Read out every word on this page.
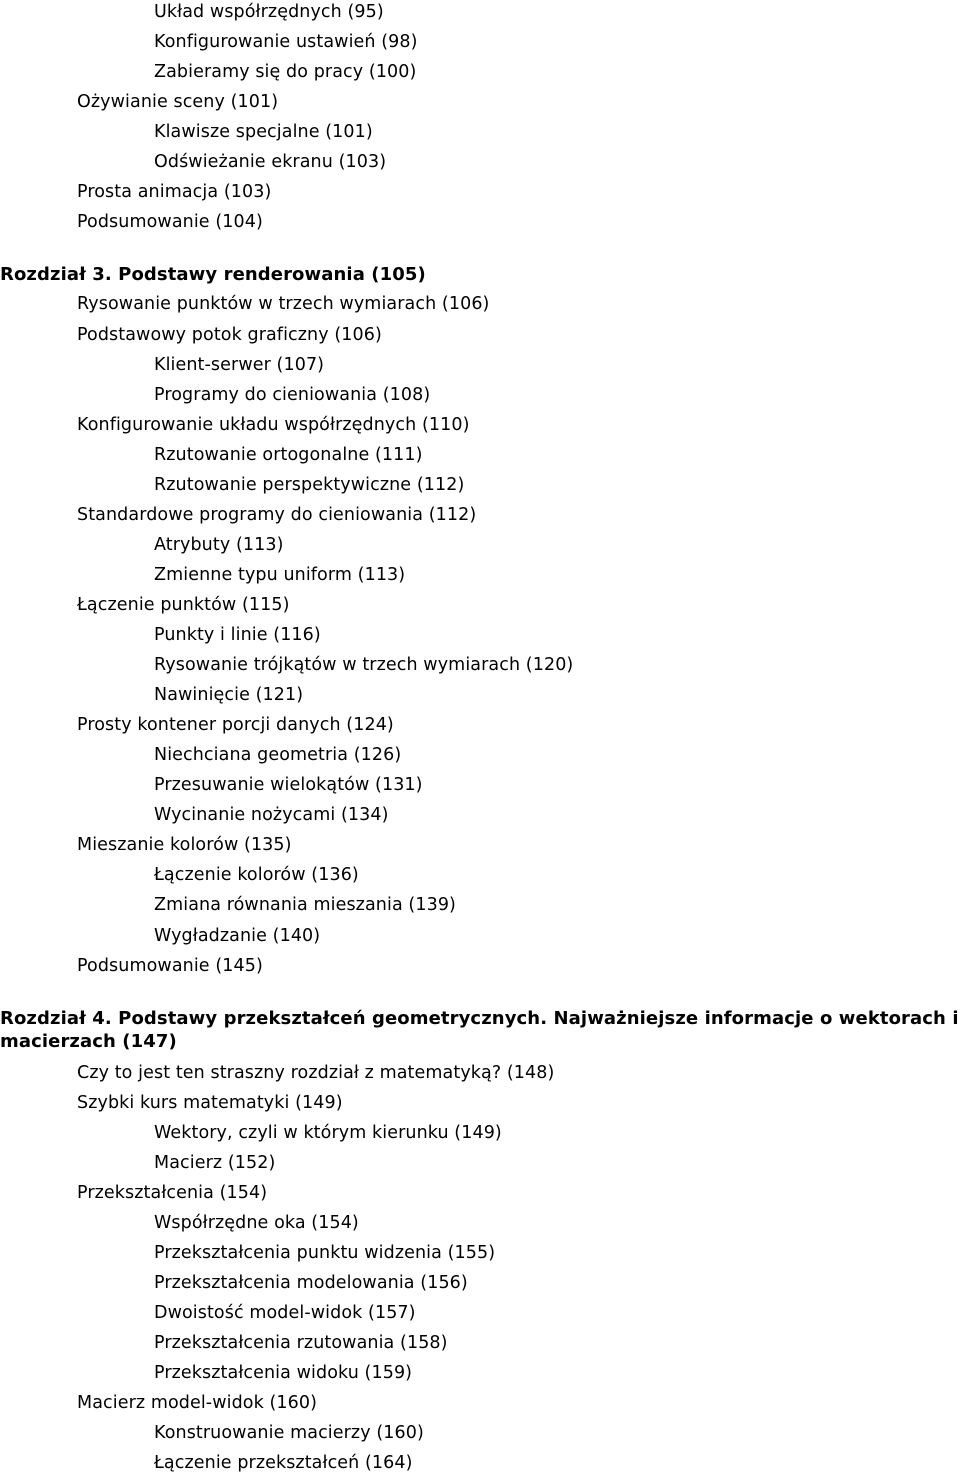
Układ współrzędnych (95)
Konfigurowanie ustawień (98)
Zabieramy się do pracy (100)
Ożywianie sceny (101)
Klawisze specjalne (101)
Odświeżanie ekranu (103)
Prosta animacja (103)
Podsumowanie (104)
Rozdział 3. Podstawy renderowania (105)
Rysowanie punktów w trzech wymiarach (106)
Podstawowy potok graficzny (106)
Klient-serwer (107)
Programy do cieniowania (108)
Konfigurowanie układu współrzędnych (110)
Rzutowanie ortogonalne (111)
Rzutowanie perspektywiczne (112)
Standardowe programy do cieniowania (112)
Atrybuty (113)
Zmienne typu uniform (113)
Łączenie punktów (115)
Punkty i linie (116)
Rysowanie trójkątów w trzech wymiarach (120)
Nawinięcie (121)
Prosty kontener porcji danych (124)
Niechciana geometria (126)
Przesuwanie wielokątów (131)
Wycinanie nożycami (134)
Mieszanie kolorów (135)
Łączenie kolorów (136)
Zmiana równania mieszania (139)
Wygładzanie (140)
Podsumowanie (145)
Rozdział 4. Podstawy przekształceń geometrycznych. Najważniejsze informacje o wektorach i macierzach (147)
Czy to jest ten straszny rozdział z matematyką? (148)
Szybki kurs matematyki (149)
Wektory, czyli w którym kierunku (149)
Macierz (152)
Przekształcenia (154)
Współrzędne oka (154)
Przekształcenia punktu widzenia (155)
Przekształcenia modelowania (156)
Dwoistość model-widok (157)
Przekształcenia rzutowania (158)
Przekształcenia widoku (159)
Macierz model-widok (160)
Konstruowanie macierzy (160)
Łączenie przekształceń (164)
